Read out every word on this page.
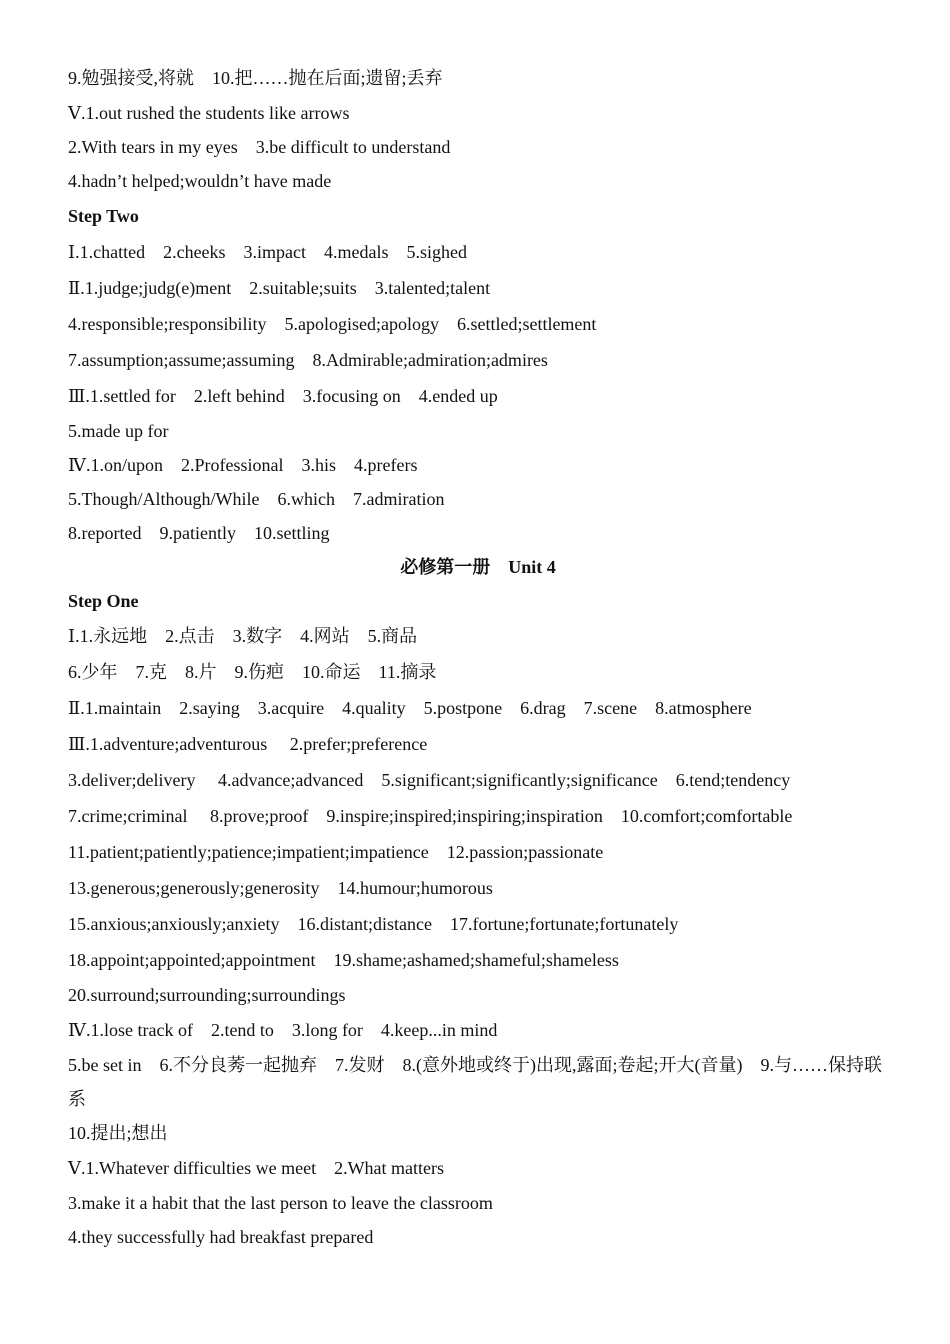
9.勉强接受,将就    10.把……抛在后面;遗留;丢弃
Ⅴ.1.out rushed the students like arrows
2.With tears in my eyes    3.be difficult to understand
4.hadn’t helped;wouldn’t have made
Step Two
Ⅰ.1.chatted    2.cheeks    3.impact    4.medals    5.sighed
Ⅱ.1.judge;judg(e)ment    2.suitable;suits    3.talented;talent
4.responsible;responsibility    5.apologised;apology    6.settled;settlement
7.assumption;assume;assuming    8.Admirable;admiration;admires
Ⅲ.1.settled for    2.left behind    3.focusing on    4.ended up
5.made up for
Ⅳ.1.on/upon    2.Professional    3.his    4.prefers
5.Though/Although/While    6.which    7.admiration
8.reported    9.patiently    10.settling
必修第一册    Unit 4
Step One
Ⅰ.1.永远地    2.点击    3.数字    4.网站    5.商品
6.少年    7.克    8.片    9.伤疤    10.命运    11.摘录
Ⅱ.1.maintain    2.saying    3.acquire    4.quality    5.postpone    6.drag    7.scene    8.atmosphere
Ⅲ.1.adventure;adventurous     2.prefer;preference
3.deliver;delivery     4.advance;advanced    5.significant;significantly;significance    6.tend;tendency
7.crime;criminal     8.prove;proof    9.inspire;inspired;inspiring;inspiration    10.comfort;comfortable
11.patient;patiently;patience;impatient;impatience    12.passion;passionate
13.generous;generously;generosity    14.humour;humorous
15.anxious;anxiously;anxiety    16.distant;distance    17.fortune;fortunate;fortunately
18.appoint;appointed;appointment    19.shame;ashamed;shameful;shameless
20.surround;surrounding;surroundings
Ⅳ.1.lose track of    2.tend to    3.long for    4.keep...in mind
5.be set in    6.不分良莠一起抛弃    7.发财    8.(意外地或终于)出现,露面;卷起;开大(音量)    9.与……保持联系
10.提出;想出
Ⅴ.1.Whatever difficulties we meet    2.What matters
3.make it a habit that the last person to leave the classroom
4.they successfully had breakfast prepared
